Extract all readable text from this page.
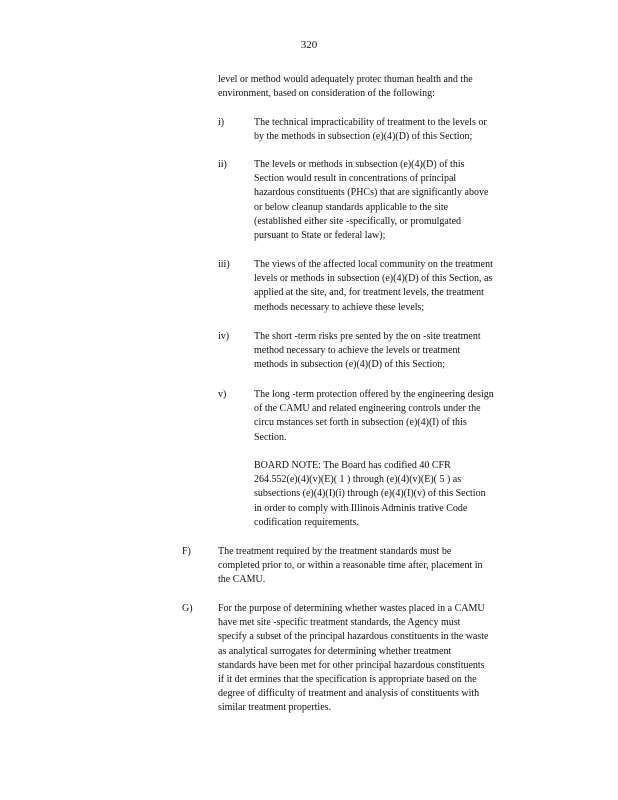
320
level or method would adequately protec thuman health and the
environment, based on consideration of the following:
i)	The technical impracticability of treatment to the levels or
by the methods in subsection (e)(4)(D) of this Section;
ii)	The levels or methods in subsection (e)(4)(D) of this
Section would result in concentrations of principal
hazardous constituents (PHCs) that are significantly above
or below cleanup standards applicable to the site
(established either site -specifically, or promulgated
pursuant to State or federal law);
iii) The views of the affected local community on the treatment
levels or methods in subsection (e)(4)(D) of this Section, as
applied at the site, and, for treatment levels, the treatment
methods necessary to achieve these levels;
iv) The short -term risks pre sented by the on -site treatment
method necessary to achieve the levels or treatment
methods in subsection (e)(4)(D) of this Section;
v)	The long -term protection offered by the engineering design
of the CAMU and related engineering controls under the
circu mstances set forth in subsection (e)(4)(I) of this
Section.
BOARD NOTE: The Board has codified 40 CFR
264.552(e)(4)(v)(E)( 1 ) through (e)(4)(v)(E)( 5 ) as
subsections (e)(4)(I)(i) through (e)(4)(I)(v) of this Section
in order to comply with Illinois Adminis trative Code
codification requirements.
F)	The treatment required by the treatment standards must be
completed prior to, or within a reasonable time after, placement in
the CAMU.
G)	For the purpose of determining whether wastes placed in a CAMU
have met site -specific treatment standards, the Agency must
specify a subset of the principal hazardous constituents in the waste
as analytical surrogates for determining whether treatment
standards have been met for other principal hazardous constituents
if it det ermines that the specification is appropriate based on the
degree of difficulty of treatment and analysis of constituents with
similar treatment properties.
